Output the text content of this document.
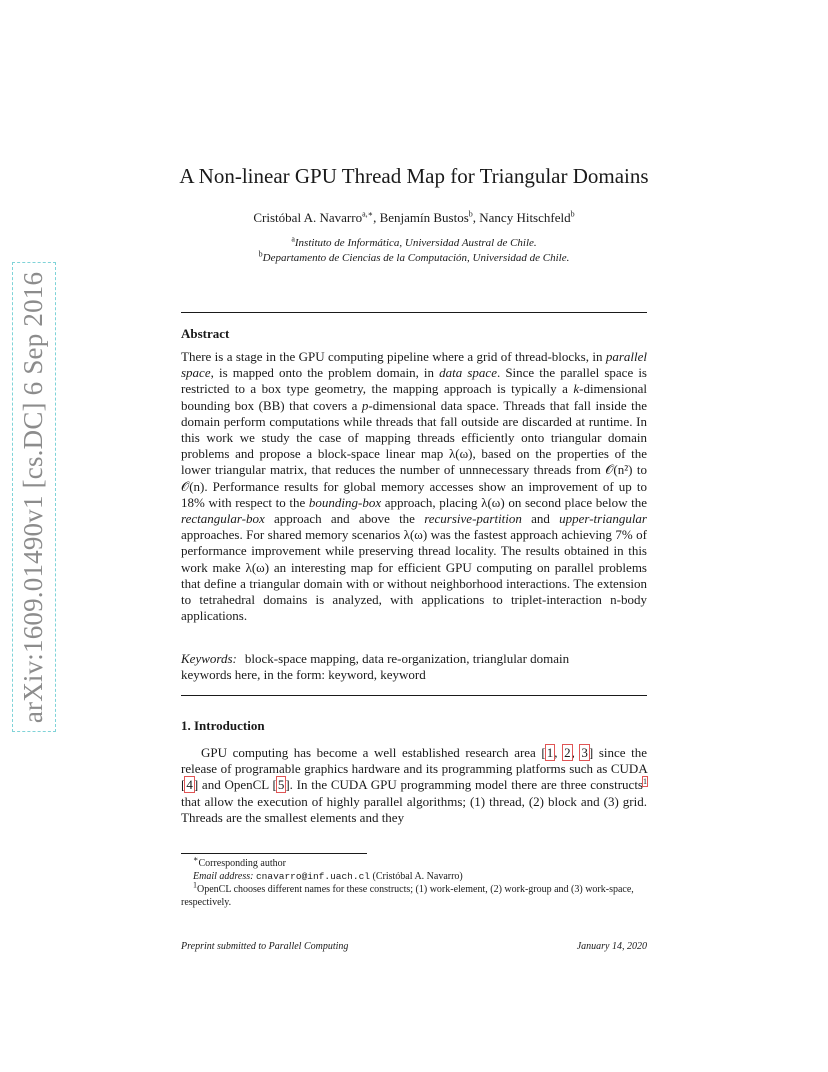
arXiv:1609.01490v1 [cs.DC] 6 Sep 2016
A Non-linear GPU Thread Map for Triangular Domains
Cristóbal A. Navarro$^{a,∗}$, Benjamín Bustos$^b$, Nancy Hitschfeld$^b$
$^a$Instituto de Informática, Universidad Austral de Chile.
$^b$Departamento de Ciencias de la Computación, Universidad de Chile.
Abstract
There is a stage in the GPU computing pipeline where a grid of thread-blocks, in parallel space, is mapped onto the problem domain, in data space. Since the parallel space is restricted to a box type geometry, the mapping approach is typically a k-dimensional bounding box (BB) that covers a p-dimensional data space. Threads that fall inside the domain perform computations while threads that fall outside are discarded at runtime. In this work we study the case of mapping threads efficiently onto triangular domain problems and propose a block-space linear map λ(ω), based on the properties of the lower triangular matrix, that reduces the number of unnnecessary threads from 𝒪(n²) to 𝒪(n). Performance results for global memory accesses show an improvement of up to 18% with respect to the bounding-box approach, placing λ(ω) on second place below the rectangular-box approach and above the recursive-partition and upper-triangular approaches. For shared memory scenarios λ(ω) was the fastest approach achieving 7% of performance improvement while preserving thread locality. The results obtained in this work make λ(ω) an interesting map for efficient GPU computing on parallel problems that define a triangular domain with or without neighborhood interactions. The extension to tetrahedral domains is analyzed, with applications to triplet-interaction n-body applications.
Keywords: block-space mapping, data re-organization, trianglular domain
keywords here, in the form: keyword, keyword
1. Introduction
GPU computing has become a well established research area [1, 2, 3] since the release of programable graphics hardware and its programming platforms such as CUDA [4] and OpenCL [5]. In the CUDA GPU programming model there are three constructs$^1$ that allow the execution of highly parallel algorithms; (1) thread, (2) block and (3) grid. Threads are the smallest elements and they
∗Corresponding author
Email address: cnavarro@inf.uach.cl (Cristóbal A. Navarro)
$^1$OpenCL chooses different names for these constructs; (1) work-element, (2) work-group and (3) work-space, respectively.
Preprint submitted to Parallel Computing	January 14, 2020
